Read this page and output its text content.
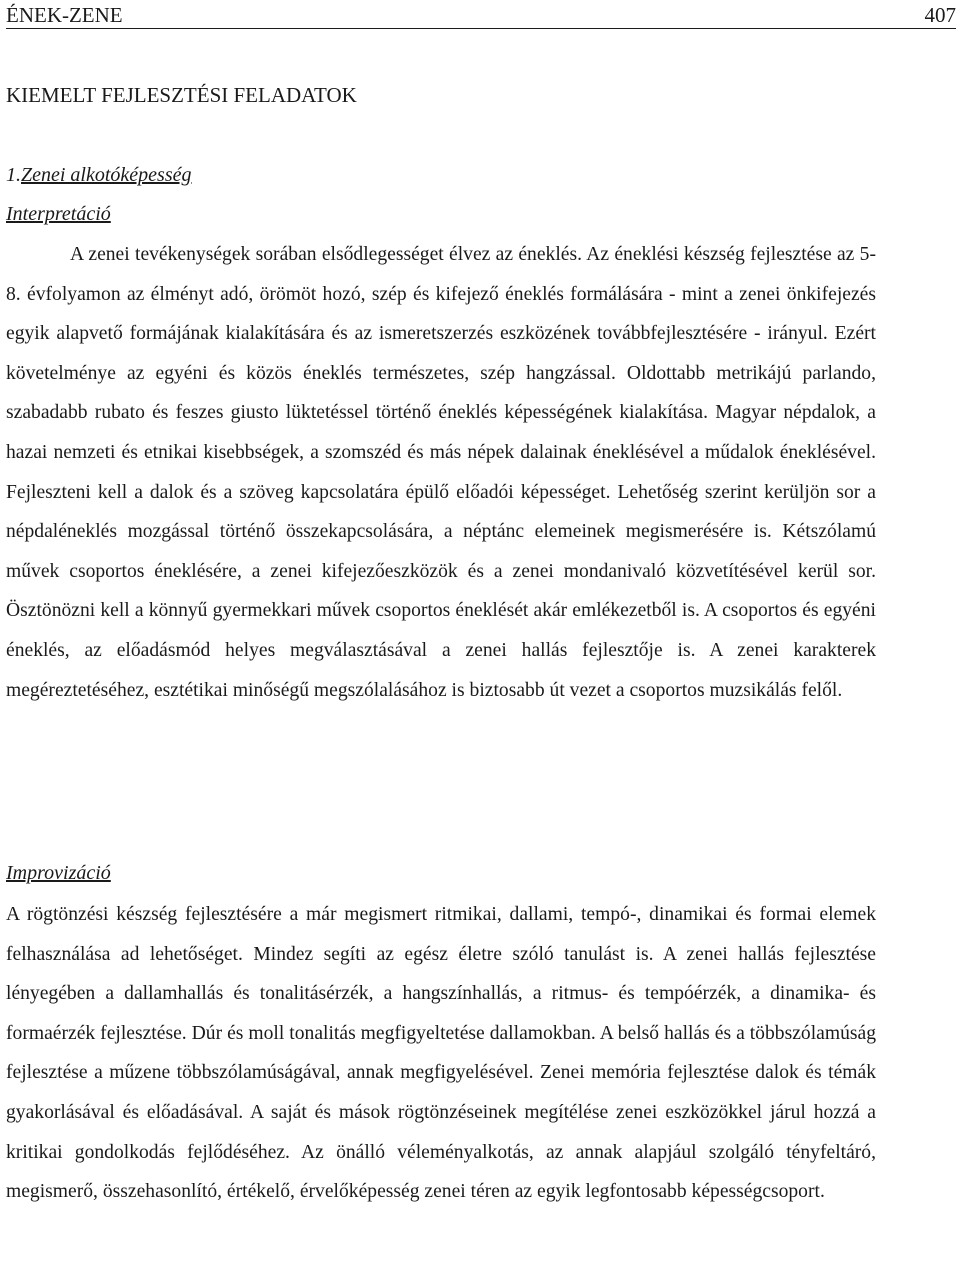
ÉNEK-ZENE	407
KIEMELT FEJLESZTÉSI FELADATOK
1.Zenei alkotóképesség
Interpretáció

A zenei tevékenységek sorában elsődlegességet élvez az éneklés. Az éneklési készség fejlesztése az 5-8. évfolyamon az élményt adó, örömöt hozó, szép és kifejező éneklés formálására - mint a zenei önkifejezés egyik alapvető formájának kialakítására és az ismeretszerzés eszközének továbbfejlesztésére - irányul. Ezért követelménye az egyéni és közös éneklés természetes, szép hangzással. Oldottabb metrikájú parlando, szabadabb rubato és feszes giusto lüktetéssel történő éneklés képességének kialakítása. Magyar népdalok, a hazai nemzeti és etnikai kisebbségek, a szomszéd és más népek dalainak éneklésével a műdalok éneklésével. Fejleszteni kell a dalok és a szöveg kapcsolatára épülő előadói képességet. Lehetőség szerint kerüljön sor a népdaléneklés mozgással történő összekapcsolására, a néptánc elemeinek megismerésére is. Kétszólamú művek csoportos éneklésére, a zenei kifejezőeszközök és a zenei mondanivaló közvetítésével kerül sor. Ösztönözni kell a könnyű gyermekkari művek csoportos éneklését akár emlékezetből is. A csoportos és egyéni éneklés, az előadásmód helyes megválasztásával a zenei hallás fejlesztője is. A zenei karakterek megéreztetéséhez, esztétikai minőségű megszólalásához is biztosabb út vezet a csoportos muzsikálás felől.

Improvizáció

A rögtönzési készség fejlesztésére a már megismert ritmikai, dallami, tempó-, dinamikai és formai elemek felhasználása ad lehetőséget. Mindez segíti az egész életre szóló tanulást is. A zenei hallás fejlesztése lényegében a dallamhallás és tonalitásérzék, a hangszínhallás, a ritmus- és tempóérzék, a dinamika- és formaérzék fejlesztése. Dúr és moll tonalitás megfigyeltetése dallamokban. A belső hallás és a többszólamúság fejlesztése a műzene többszólamúságával, annak megfigyelésével. Zenei memória fejlesztése dalok és témák gyakorlásával és előadásával. A saját és mások rögtönzéseinek megítélése zenei eszközökkel járul hozzá a kritikai gondolkodás fejlődéséhez. Az önálló véleményalkotás, az annak alapjául szolgáló tényfeltáró, megismerő, összehasonlító, értékelő, érvelőképesség zenei téren az egyik legfontosabb képességcsoport.
